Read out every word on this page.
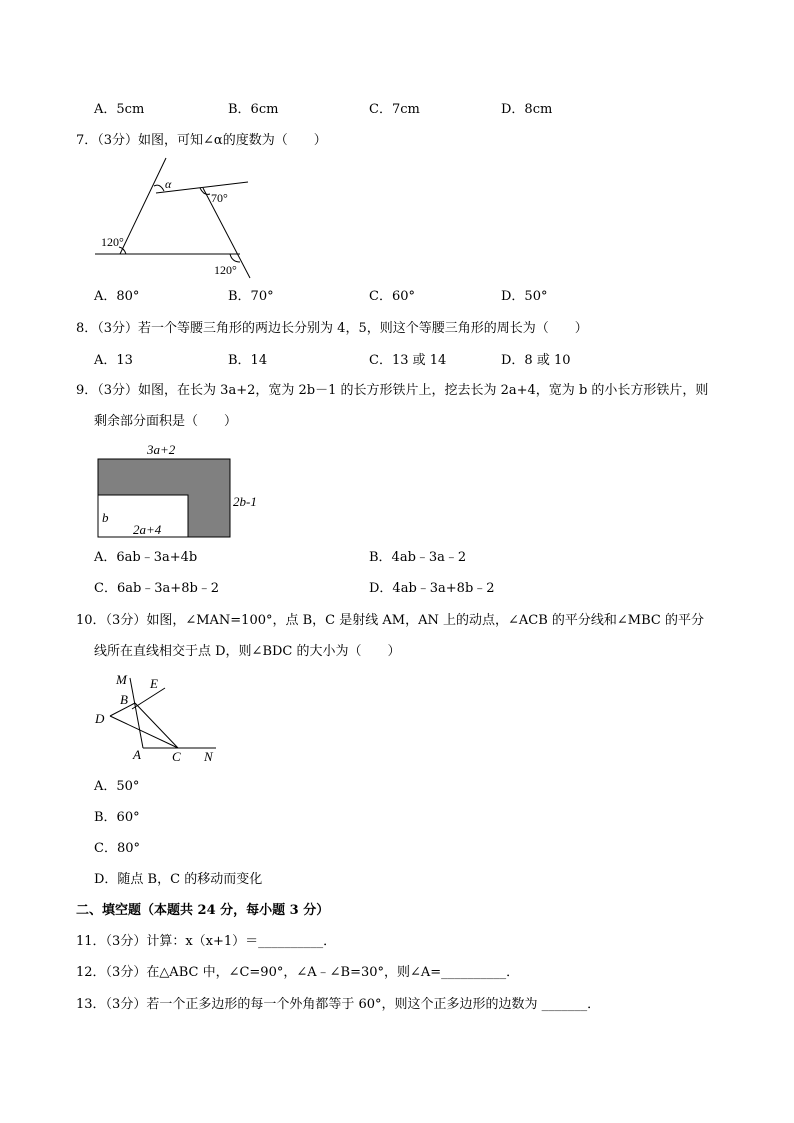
A．5cm	B．6cm	C．7cm	D．8cm
7．（3分）如图，可知∠α的度数为（　　）
α
70°
120°
120°
A．80°	B．70°	C．60°	D．50°
8．（3分）若一个等腰三角形的两边长分别为 4，5，则这个等腰三角形的周长为（　　）
A．13	B．14	C．13 或 14	D．8 或 10
9．（3分）如图，在长为 3a+2，宽为 2b－1 的长方形铁片上，挖去长为 2a+4，宽为 b 的小长方形铁片，则
剩余部分面积是（　　）
3a+2
2b-1
b
2a+4
A．6ab﹣3a+4b	B．4ab﹣3a﹣2
C．6ab﹣3a+8b﹣2	D．4ab﹣3a+8b﹣2
10．（3分）如图，∠MAN=100°，点 B，C 是射线 AM，AN 上的动点，∠ACB 的平分线和∠MBC 的平分
线所在直线相交于点 D，则∠BDC 的大小为（　　）
M E
B
D
A C N
A．50°
B．60°
C．80°
D．随点 B，C 的移动而变化
二、填空题（本题共 24 分，每小题 3 分）
11．（3分）计算：x（x+1）＝__________．
12．（3分）在△ABC 中，∠C=90°，∠A﹣∠B=30°，则∠A=__________．
13．（3分）若一个正多边形的每一个外角都等于 60°，则这个正多边形的边数为 _______．
